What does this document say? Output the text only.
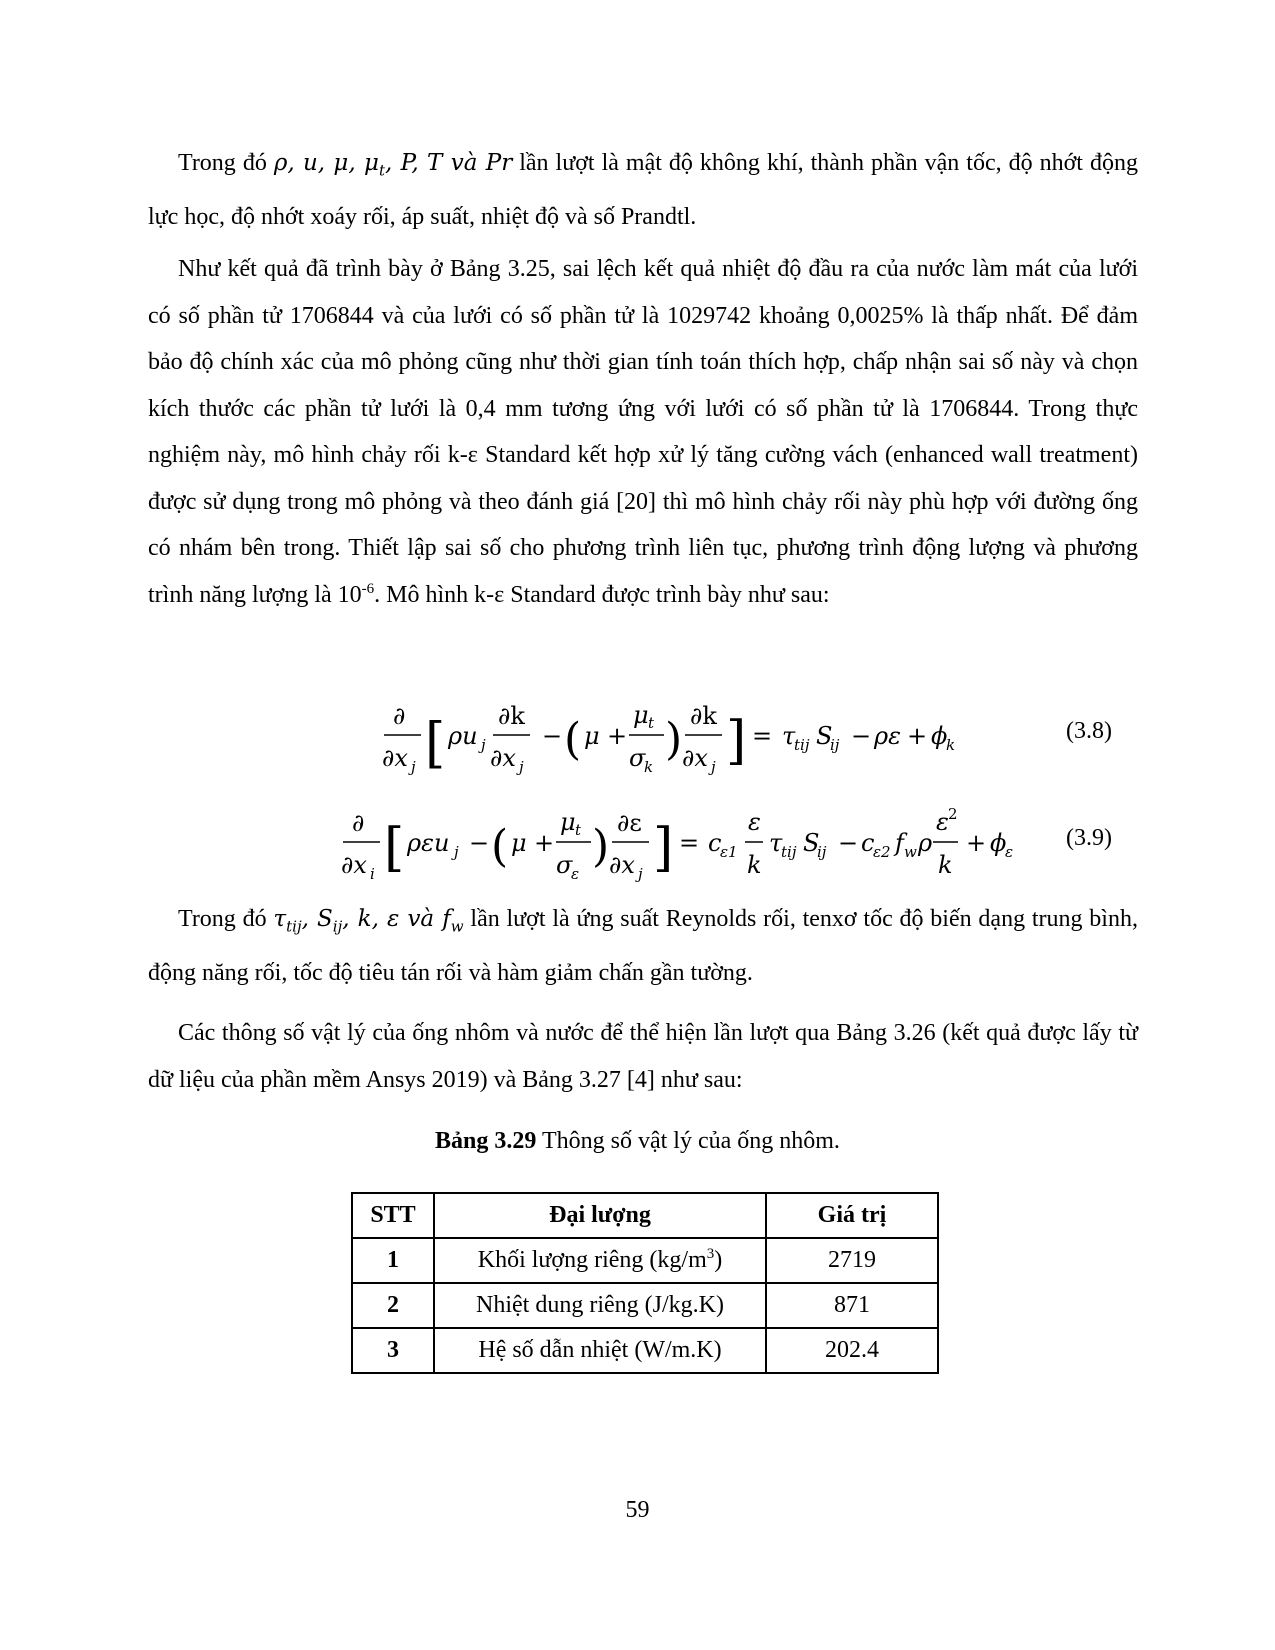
Trong đó ρ, u, μ, $\mu_t$, P, T và Pr lần lượt là mật độ không khí, thành phần vận tốc, độ nhớt động lực học, độ nhớt xoáy rối, áp suất, nhiệt độ và số Prandtl.

Như kết quả đã trình bày ở Bảng 3.25, sai lệch kết quả nhiệt độ đầu ra của nước làm mát của lưới có số phần tử 1706844 và của lưới có số phần tử là 1029742 khoảng 0,0025% là thấp nhất. Để đảm bảo độ chính xác của mô phỏng cũng như thời gian tính toán thích hợp, chấp nhận sai số này và chọn kích thước các phần tử lưới là 0,4 mm tương ứng với lưới có số phần tử là 1706844. Trong thực nghiệm này, mô hình chảy rối k-ε Standard kết hợp xử lý tăng cường vách (enhanced wall treatment) được sử dụng trong mô phỏng và theo đánh giá [20] thì mô hình chảy rối này phù hợp với đường ống có nhám bên trong. Thiết lập sai số cho phương trình liên tục, phương trình động lượng và phương trình năng lượng là $10^{-6}$. Mô hình k-ε Standard được trình bày như sau:

∂
∂x j [ ρu j
∂k
∂x j
− ( μ +
μ t
σ
k
) ∂k
∂x j ] = τ
tij S
ij − ρε + ϕ
k
(3.8)
∂
∂x i [ ρεu j − ( μ +
μ t
σ
ε
) ∂ε
∂x j ] = c
ε1
ε
k
τ
tij S
ij − c
ε2 f w ρ
ε 2
k
+ ϕ
ε
(3.9)

Trong đó $\tau_{tij}$, $S_{ij}$, k, ε và $f_w$ lần lượt là ứng suất Reynolds rối, tenxơ tốc độ biến dạng trung bình, động năng rối, tốc độ tiêu tán rối và hàm giảm chấn gần tường.

Các thông số vật lý của ống nhôm và nước để thể hiện lần lượt qua Bảng 3.26 (kết quả được lấy từ dữ liệu của phần mềm Ansys 2019) và Bảng 3.27 [4] như sau:

Bảng 3.29 Thông số vật lý của ống nhôm.
STT	Đại lượng	Giá trị
1	Khối lượng riêng $(kg/m^3)$	2719
2	Nhiệt dung riêng (J/kg.K)	871
3	Hệ số dẫn nhiệt (W/m.K)	202.4
59
